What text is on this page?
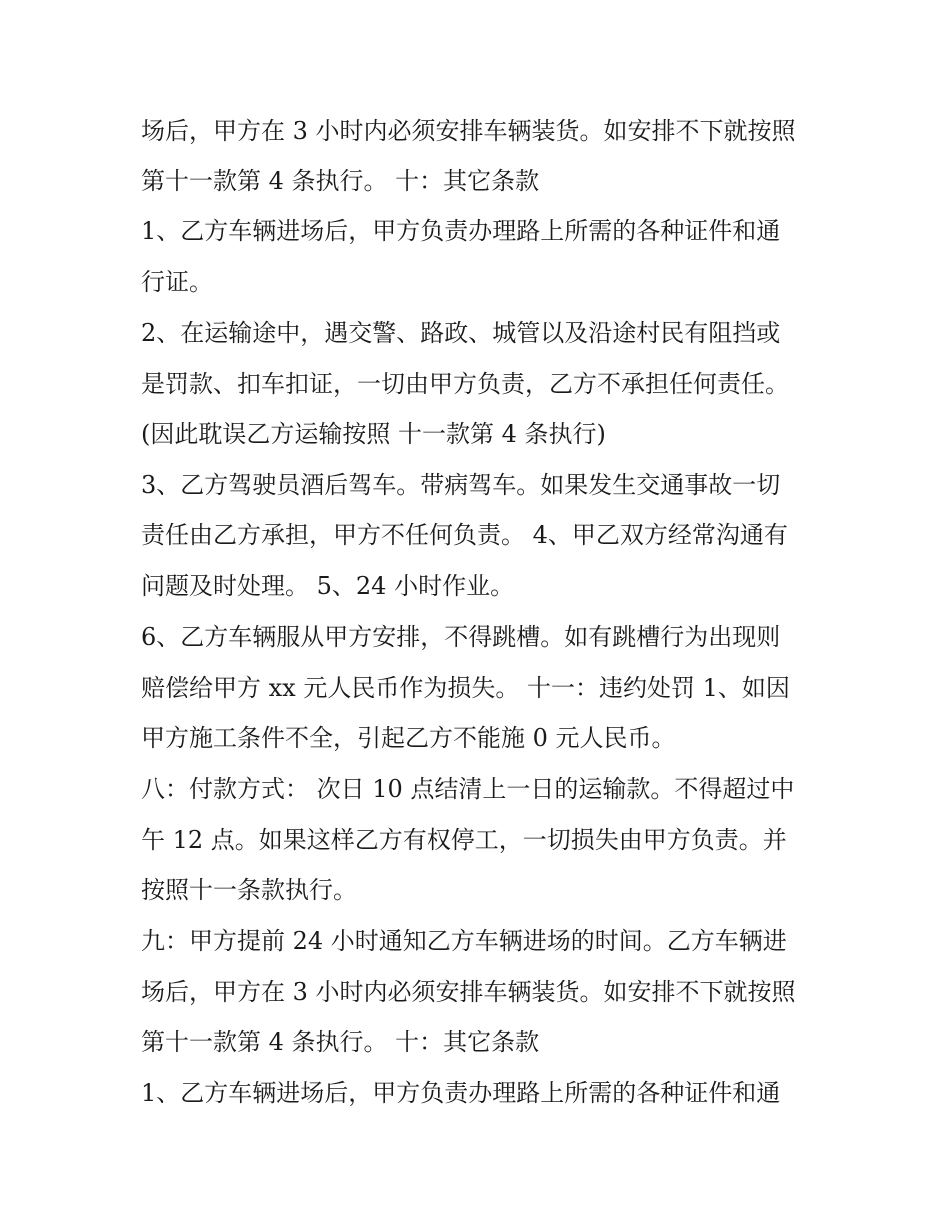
场后，甲方在 3 小时内必须安排车辆装货。如安排不下就按照
第十一款第 4 条执行。 十：其它条款
1、乙方车辆进场后，甲方负责办理路上所需的各种证件和通
行证。
2、在运输途中，遇交警、路政、城管以及沿途村民有阻挡或
是罚款、扣车扣证，一切由甲方负责，乙方不承担任何责任。
(因此耽误乙方运输按照 十一款第 4 条执行)
3、乙方驾驶员酒后驾车。带病驾车。如果发生交通事故一切
责任由乙方承担，甲方不任何负责。 4、甲乙双方经常沟通有
问题及时处理。 5、24 小时作业。
6、乙方车辆服从甲方安排，不得跳槽。如有跳槽行为出现则
赔偿给甲方 xx 元人民币作为损失。 十一：违约处罚 1、如因
甲方施工条件不全，引起乙方不能施 0 元人民币。
八：付款方式： 次日 10 点结清上一日的运输款。不得超过中
午 12 点。如果这样乙方有权停工，一切损失由甲方负责。并
按照十一条款执行。
九：甲方提前 24 小时通知乙方车辆进场的时间。乙方车辆进
场后，甲方在 3 小时内必须安排车辆装货。如安排不下就按照
第十一款第 4 条执行。 十：其它条款
1、乙方车辆进场后，甲方负责办理路上所需的各种证件和通
